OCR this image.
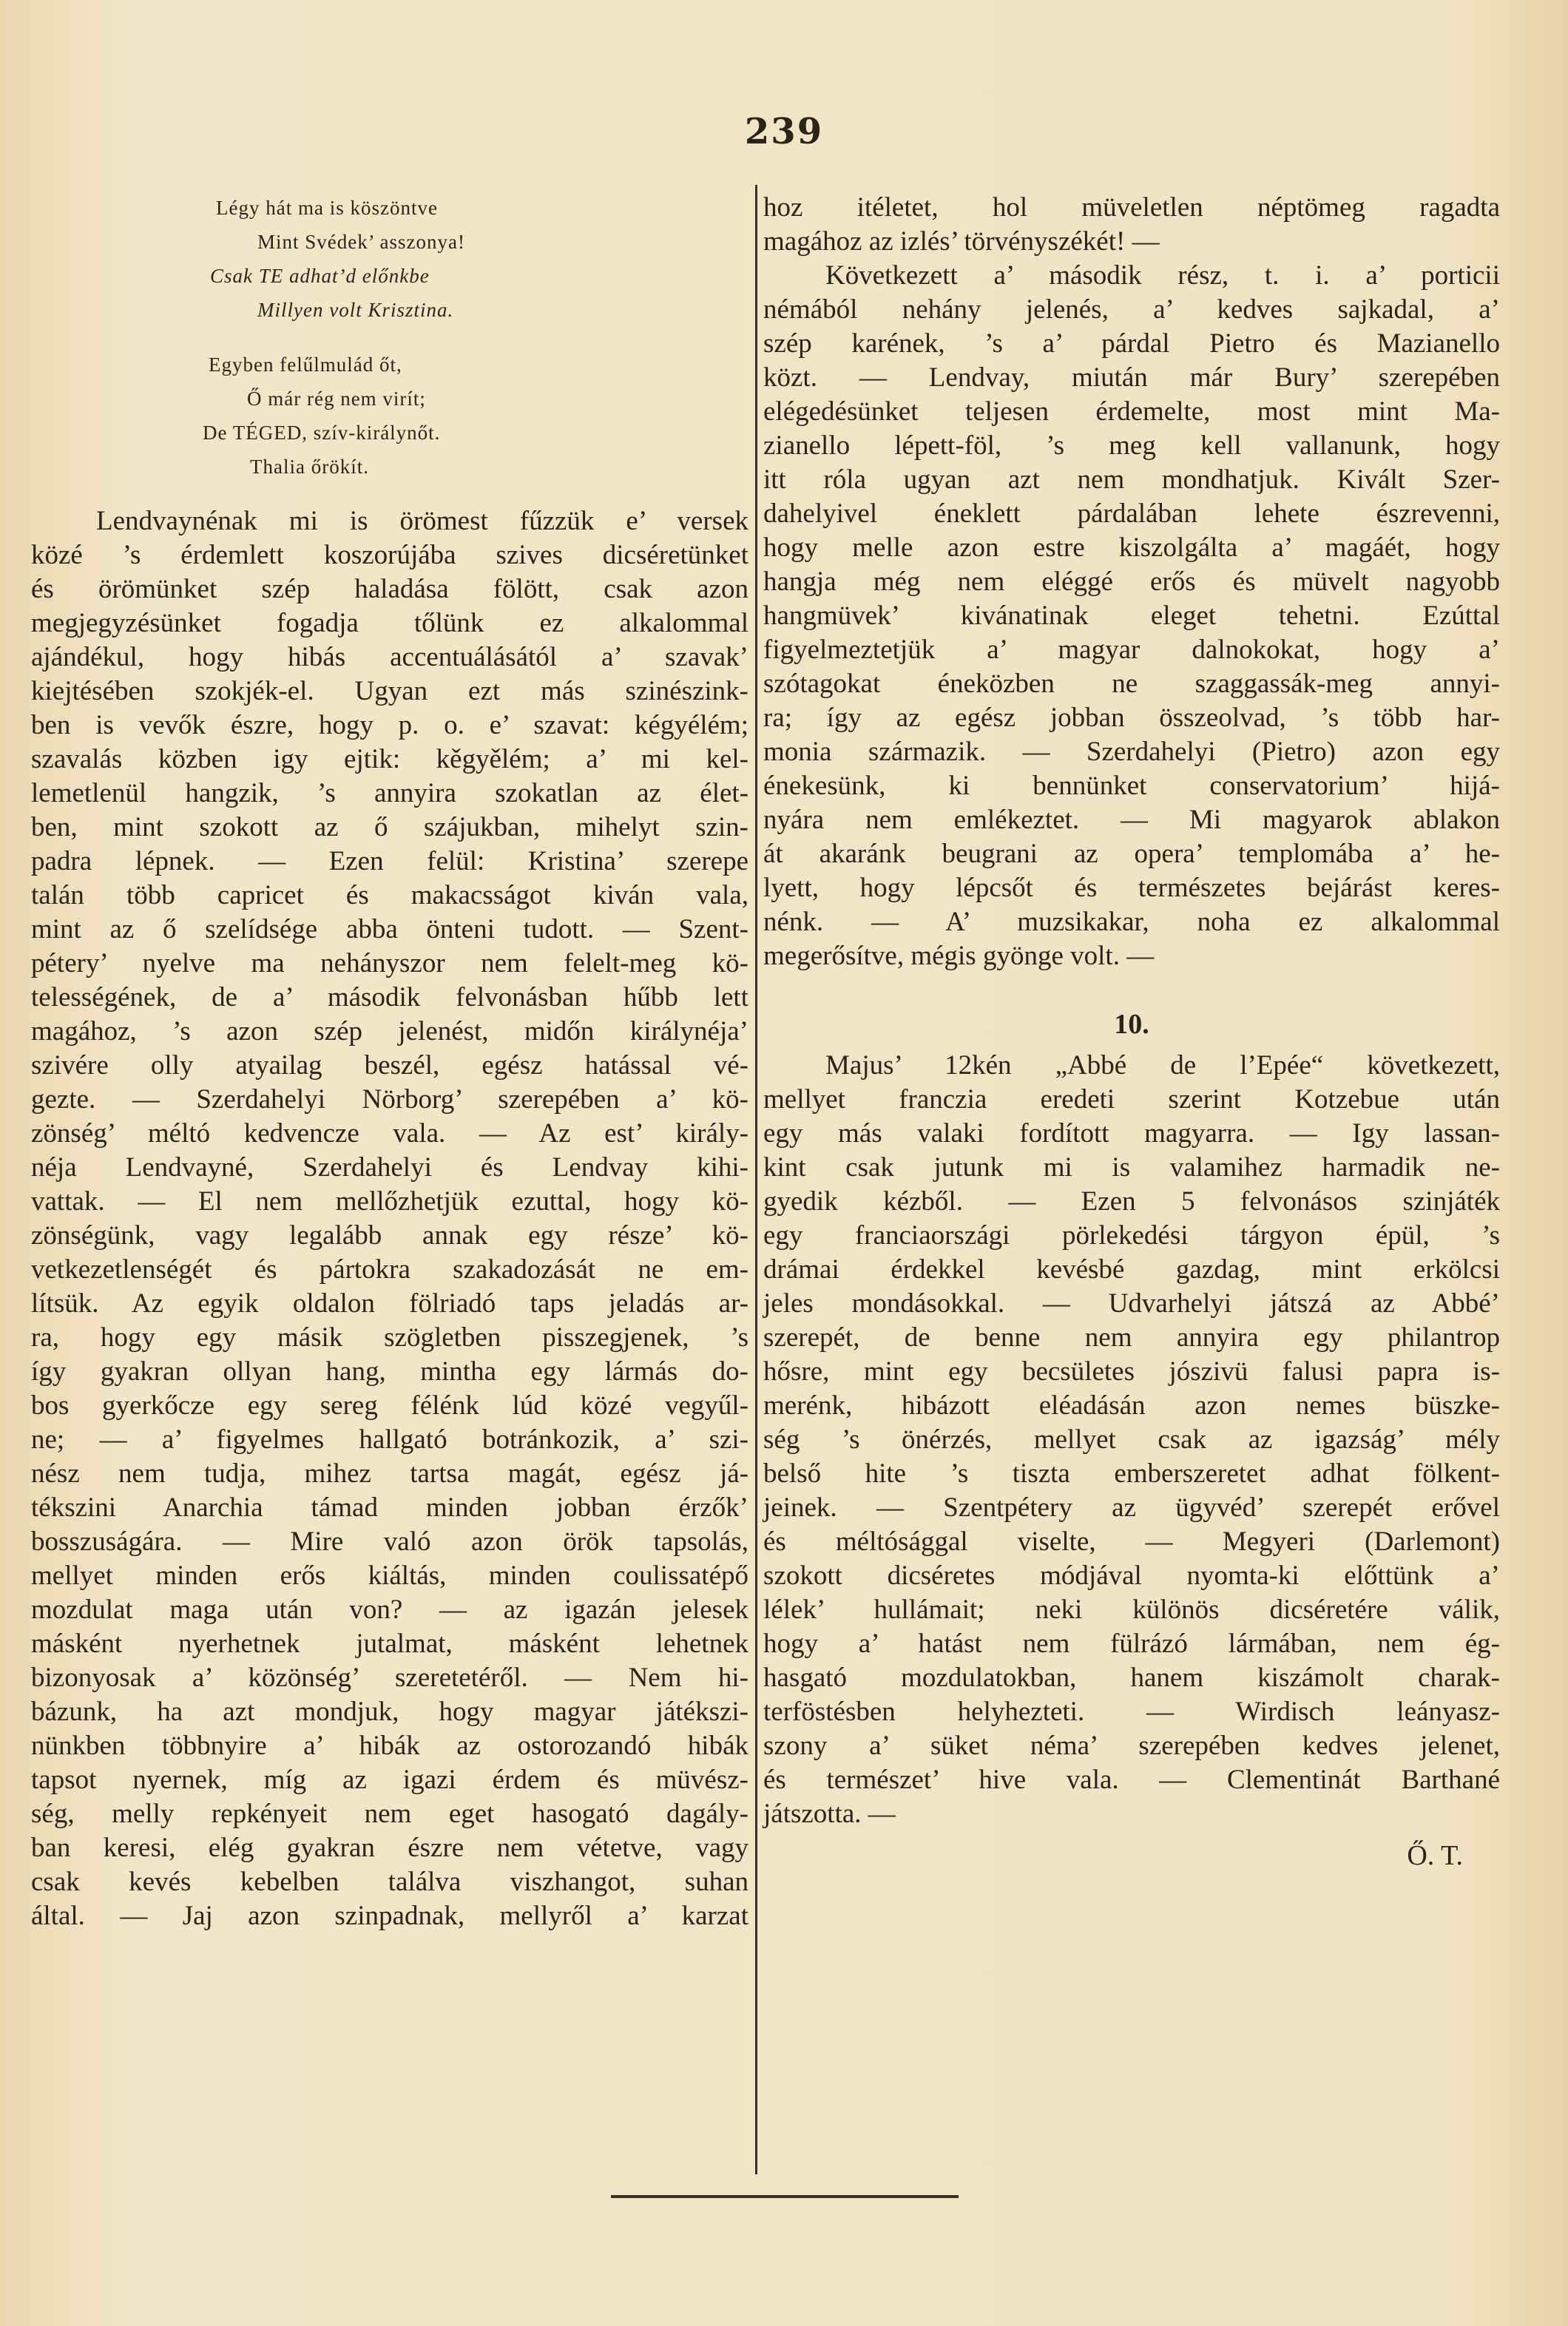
239
Légy hát ma is köszöntve
Mint Svédek’ asszonya!
Csak TE adhat’d előnkbe
Millyen volt Krisztina.
Egyben felűlmulád őt,
Ő már rég nem virít;
De TÉGED, szív-királynőt.
Thalia őrökít.
Lendvaynénak mi is örömest fűzzük e’ versek
közé ’s érdemlett koszorújába szives dicséretünket
és örömünket szép haladása fölött, csak azon
megjegyzésünket fogadja tőlünk ez alkalommal
ajándékul, hogy hibás accentuálásától a’ szavak’
kiejtésében szokjék-el. Ugyan ezt más szinészink-
ben is vevők észre, hogy p. o. e’ szavat: kégyélém;
szavalás közben igy ejtik: kěgyělém; a’ mi kel-
lemetlenül hangzik, ’s annyira szokatlan az élet-
ben, mint szokott az ő szájukban, mihelyt szin-
padra lépnek. — Ezen felül: Kristina’ szerepe
talán több capricet és makacsságot kiván vala,
mint az ő szelídsége abba önteni tudott. — Szent-
pétery’ nyelve ma nehányszor nem felelt-meg kö-
telességének, de a’ második felvonásban hűbb lett
magához, ’s azon szép jelenést, midőn királynéja’
szivére olly atyailag beszél, egész hatással vé-
gezte. — Szerdahelyi Nörborg’ szerepében a’ kö-
zönség’ méltó kedvencze vala. — Az est’ király-
néja Lendvayné, Szerdahelyi és Lendvay kihi-
vattak. — El nem mellőzhetjük ezuttal, hogy kö-
zönségünk, vagy legalább annak egy része’ kö-
vetkezetlenségét és pártokra szakadozását ne em-
lítsük. Az egyik oldalon fölriadó taps jeladás ar-
ra, hogy egy másik szögletben pisszegjenek, ’s
így gyakran ollyan hang, mintha egy lármás do-
bos gyerkőcze egy sereg félénk lúd közé vegyűl-
ne; — a’ figyelmes hallgató botránkozik, a’ szi-
nész nem tudja, mihez tartsa magát, egész já-
tékszini Anarchia támad minden jobban érzők’
bosszuságára. — Mire való azon örök tapsolás,
mellyet minden erős kiáltás, minden coulissatépő
mozdulat maga után von? — az igazán jelesek
másként nyerhetnek jutalmat, másként lehetnek
bizonyosak a’ közönség’ szeretetéről. — Nem hi-
bázunk, ha azt mondjuk, hogy magyar játékszi-
nünkben többnyire a’ hibák az ostorozandó hibák
tapsot nyernek, míg az igazi érdem és müvész-
ség, melly repkényeit nem eget hasogató dagály-
ban keresi, elég gyakran észre nem vétetve, vagy
csak kevés kebelben találva viszhangot, suhan
által. — Jaj azon szinpadnak, mellyről a’ karzat
hoz itéletet, hol müveletlen néptömeg ragadta
magához az izlés’ törvényszékét! —
Következett a’ második rész, t. i. a’ porticii
némából nehány jelenés, a’ kedves sajkadal, a’
szép karének, ’s a’ párdal Pietro és Mazianello
közt. — Lendvay, miután már Bury’ szerepében
elégedésünket teljesen érdemelte, most mint Ma-
zianello lépett-föl, ’s meg kell vallanunk, hogy
itt róla ugyan azt nem mondhatjuk. Kivált Szer-
dahelyivel éneklett párdalában lehete észrevenni,
hogy melle azon estre kiszolgálta a’ magáét, hogy
hangja még nem eléggé erős és müvelt nagyobb
hangmüvek’ kivánatinak eleget tehetni. Ezúttal
figyelmeztetjük a’ magyar dalnokokat, hogy a’
szótagokat éneközben ne szaggassák-meg annyi-
ra; így az egész jobban összeolvad, ’s több har-
monia származik. — Szerdahelyi (Pietro) azon egy
énekesünk, ki bennünket conservatorium’ hijá-
nyára nem emlékeztet. — Mi magyarok ablakon
át akaránk beugrani az opera’ templomába a’ he-
lyett, hogy lépcsőt és természetes bejárást keres-
nénk. — A’ muzsikakar, noha ez alkalommal
megerősítve, mégis gyönge volt. —
10.
Majus’ 12kén „Abbé de l’Epée“ következett,
mellyet franczia eredeti szerint Kotzebue után
egy más valaki fordított magyarra. — Igy lassan-
kint csak jutunk mi is valamihez harmadik ne-
gyedik kézből. — Ezen 5 felvonásos szinjáték
egy franciaországi pörlekedési tárgyon épül, ’s
drámai érdekkel kevésbé gazdag, mint erkölcsi
jeles mondásokkal. — Udvarhelyi játszá az Abbé’
szerepét, de benne nem annyira egy philantrop
hősre, mint egy becsületes jószivü falusi papra is-
merénk, hibázott eléadásán azon nemes büszke-
ség ’s önérzés, mellyet csak az igazság’ mély
belső hite ’s tiszta emberszeretet adhat fölkent-
jeinek. — Szentpétery az ügyvéd’ szerepét erővel
és méltósággal viselte, — Megyeri (Darlemont)
szokott dicséretes módjával nyomta-ki előttünk a’
lélek’ hullámait; neki különös dicséretére válik,
hogy a’ hatást nem fülrázó lármában, nem ég-
hasgató mozdulatokban, hanem kiszámolt charak-
terföstésben helyhezteti. — Wirdisch leányasz-
szony a’ süket néma’ szerepében kedves jelenet,
és természet’ hive vala. — Clementinát Barthané
játszotta. —
Ő. T.
